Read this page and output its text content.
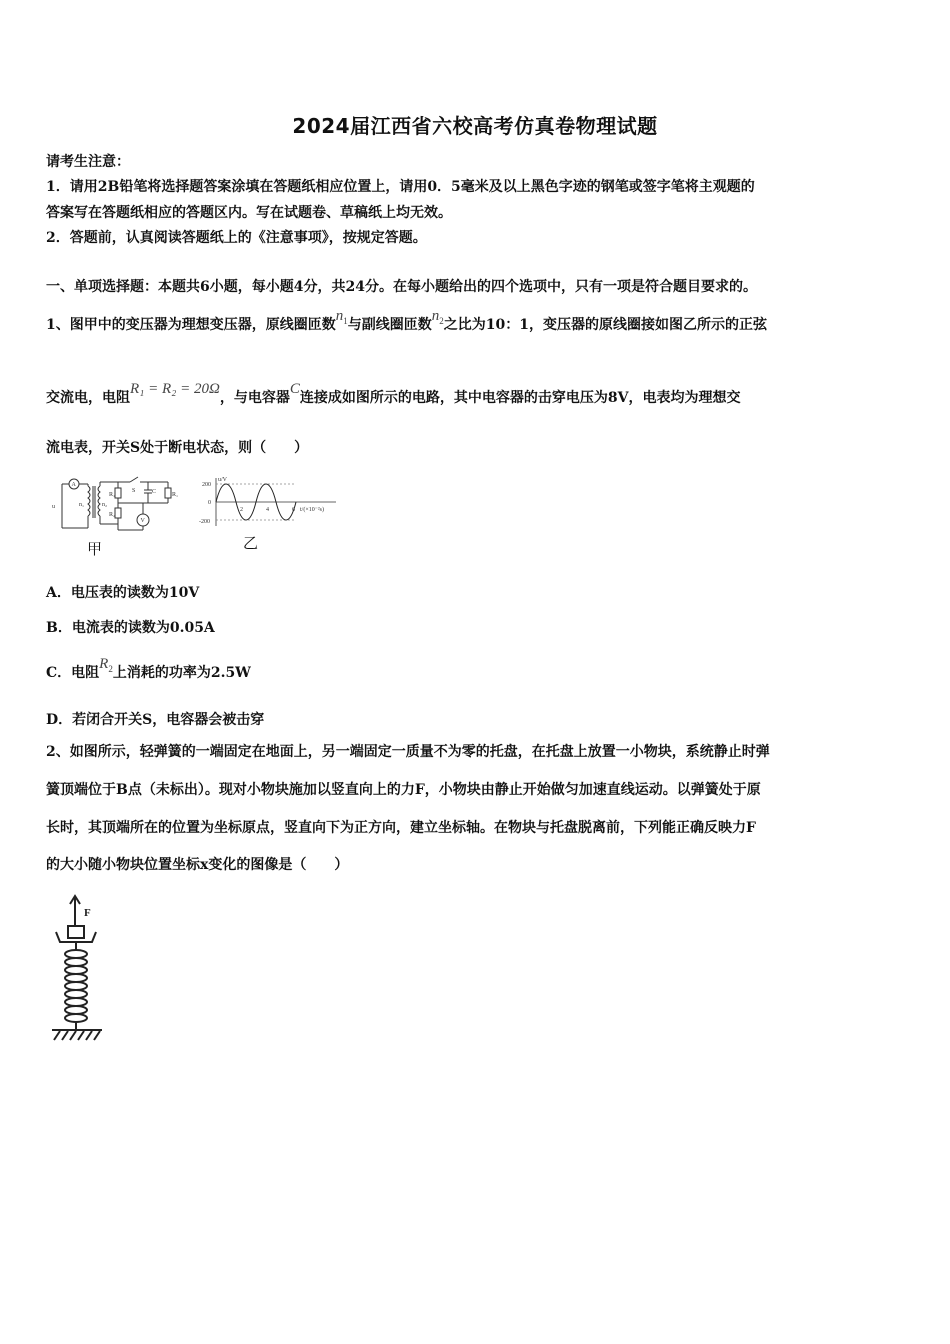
2024届江西省六校高考仿真卷物理试题
请考生注意：
1．请用2B铅笔将选择题答案涂填在答题纸相应位置上，请用0．5毫米及以上黑色字迹的钢笔或签字笔将主观题的
答案写在答题纸相应的答题区内。写在试题卷、草稿纸上均无效。
2．答题前，认真阅读答题纸上的《注意事项》，按规定答题。
一、单项选择题：本题共6小题，每小题4分，共24分。在每小题给出的四个选项中，只有一项是符合题目要求的。
1、图甲中的变压器为理想变压器，原线圈匝数$n_1$与副线圈匝数$n_2$之比为10：1，变压器的原线圈接如图乙所示的正弦
交流电，电阻R₁ = R₂ = 20Ω，与电容器C连接成如图所示的电路，其中电容器的击穿电压为8V，电表均为理想交
流电表，开关S处于断电状态，则（　　）
A
V
S	C
R₁
R₂
R₁
u	n₁	n₂
甲
u/V
200
0
-200
2	4	6 t/(×10⁻²s)
乙
A．电压表的读数为10V
B．电流表的读数为0.05A
C．电阻$R_2$上消耗的功率为2.5W
D．若闭合开关S，电容器会被击穿
2、如图所示，轻弹簧的一端固定在地面上，另一端固定一质量不为零的托盘，在托盘上放置一小物块，系统静止时弹
簧顶端位于B点（未标出）。现对小物块施加以竖直向上的力F，小物块由静止开始做匀加速直线运动。以弹簧处于原
长时，其顶端所在的位置为坐标原点，竖直向下为正方向，建立坐标轴。在物块与托盘脱离前，下列能正确反映力F
的大小随小物块位置坐标x变化的图像是（　　）
F
